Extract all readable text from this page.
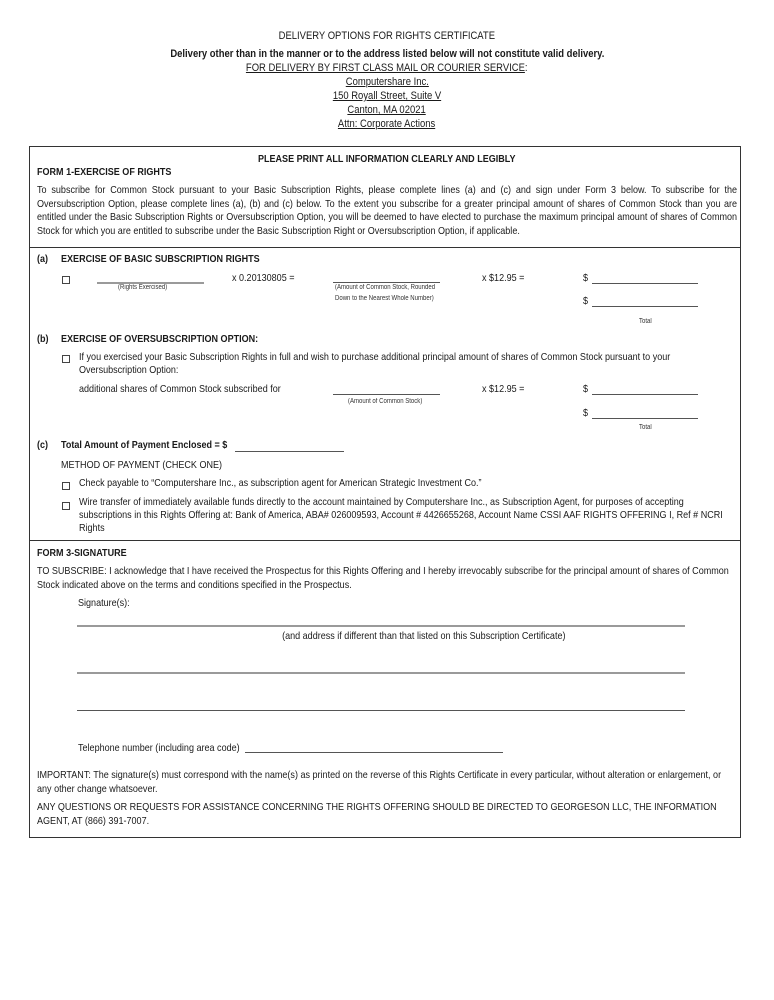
DELIVERY OPTIONS FOR RIGHTS CERTIFICATE
Delivery other than in the manner or to the address listed below will not constitute valid delivery.
FOR DELIVERY BY FIRST CLASS MAIL OR COURIER SERVICE:
Computershare Inc.
150 Royall Street, Suite V
Canton, MA 02021
Attn: Corporate Actions
PLEASE PRINT ALL INFORMATION CLEARLY AND LEGIBLY
FORM 1-EXERCISE OF RIGHTS
To subscribe for Common Stock pursuant to your Basic Subscription Rights, please complete lines (a) and (c) and sign under Form 3 below. To subscribe for the Oversubscription Option, please complete lines (a), (b) and (c) below. To the extent you subscribe for a greater principal amount of shares of Common Stock than you are entitled under the Basic Subscription Rights or Oversubscription Option, you will be deemed to have elected to purchase the maximum principal amount of shares of Common Stock for which you are entitled to subscribe under the Basic Subscription Right or Oversubscription Option, if applicable.
(a) EXERCISE OF BASIC SUBSCRIPTION RIGHTS
(Rights Exercised)
x 0.20130805 =
(Amount of Common Stock, Rounded
Down to the Nearest Whole Number)
x $12.95 =	$
$
Total
(b) EXERCISE OF OVERSUBSCRIPTION OPTION:
If you exercised your Basic Subscription Rights in full and wish to purchase additional principal amount of shares of Common Stock pursuant to your Oversubscription Option:
additional shares of Common Stock subscribed for
(Amount of Common Stock)
x $12.95 =	$
$
Total
(c) Total Amount of Payment Enclosed = $
METHOD OF PAYMENT (CHECK ONE)
Check payable to “Computershare Inc., as subscription agent for American Strategic Investment Co.”
Wire transfer of immediately available funds directly to the account maintained by Computershare Inc., as Subscription Agent, for purposes of accepting subscriptions in this Rights Offering at: Bank of America, ABA# 026009593, Account # 4426655268, Account Name CSSI AAF RIGHTS OFFERING I, Ref # NCRI Rights
FORM 3-SIGNATURE
TO SUBSCRIBE: I acknowledge that I have received the Prospectus for this Rights Offering and I hereby irrevocably subscribe for the principal amount of shares of Common Stock indicated above on the terms and conditions specified in the Prospectus.
Signature(s):
(and address if different than that listed on this Subscription Certificate)
Telephone number (including area code)
IMPORTANT: The signature(s) must correspond with the name(s) as printed on the reverse of this Rights Certificate in every particular, without alteration or enlargement, or any other change whatsoever.
ANY QUESTIONS OR REQUESTS FOR ASSISTANCE CONCERNING THE RIGHTS OFFERING SHOULD BE DIRECTED TO GEORGESON LLC, THE INFORMATION AGENT, AT (866) 391-7007.
